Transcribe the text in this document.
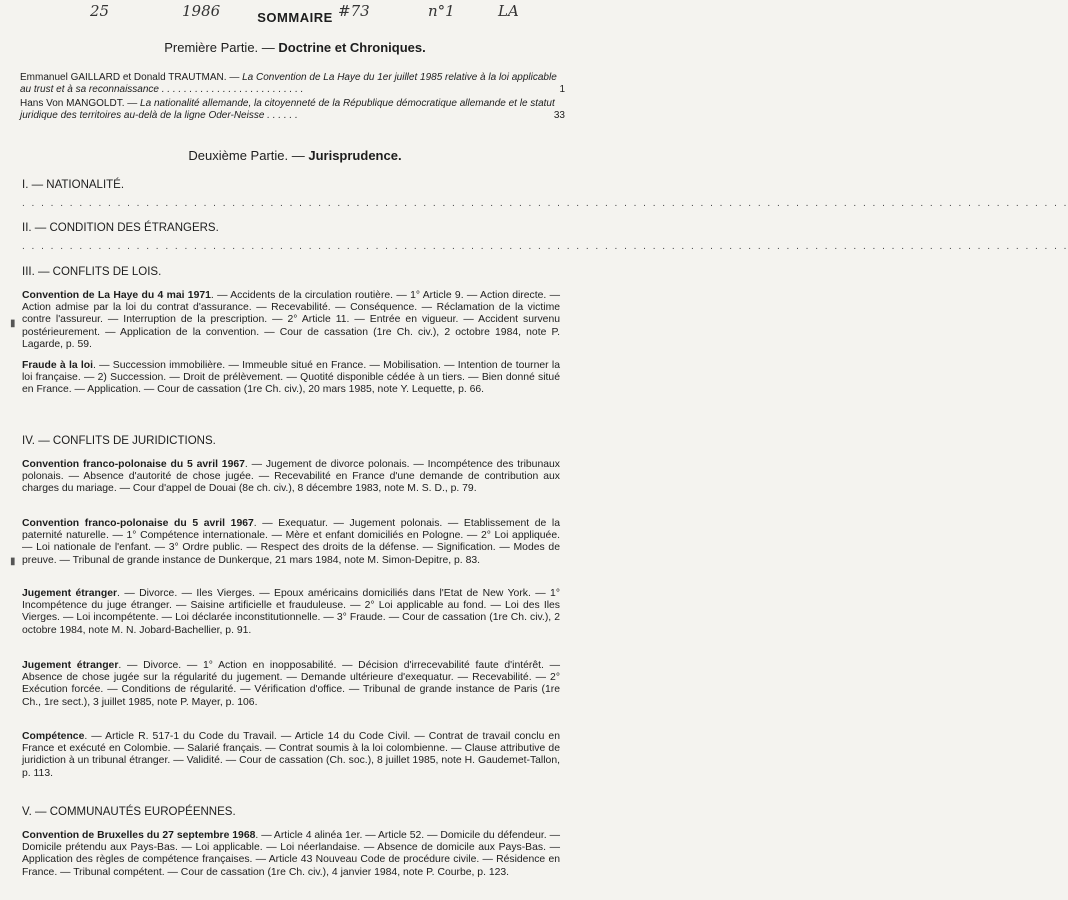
25	1986	#73	n°1	LA
SOMMAIRE
Première Partie. — Doctrine et Chroniques.
Emmanuel GAILLARD et Donald TRAUTMAN. — La Convention de La Haye du 1er juillet 1985 relative à la loi applicable au trust et à sa reconnaissance . . . . . . . . . . . . . . . . . . . . . . . . . .	1
Hans Von MANGOLDT. — La nationalité allemande, la citoyenneté de la République démocratique allemande et le statut juridique des territoires au-delà de la ligne Oder-Neisse . . . . . .	33
Deuxième Partie. — Jurisprudence.
I. — NATIONALITÉ.
. . . . . . . . . . . . . . . . . . . . . . . . . . . . . . . . . . . . . . . . . . . . . . . . . . . . . . . . . . . . . . . . . . . . . . . . . . . . . . . . . . . . . . . . . . . . . . . . . . . . . . . . . . . . . .
II. — CONDITION DES ÉTRANGERS.
. . . . . . . . . . . . . . . . . . . . . . . . . . . . . . . . . . . . . . . . . . . . . . . . . . . . . . . . . . . . . . . . . . . . . . . . . . . . . . . . . . . . . . . . . . . . . . . . . . . . . . . . . . . . . .
III. — CONFLITS DE LOIS.

Convention de La Haye du 4 mai 1971. — Accidents de la circulation routière. — 1° Article 9. — Action directe. — Action admise par la loi du contrat d'assurance. — Recevabilité. — Conséquence. — Réclamation de la victime contre l'assureur. — Interruption de la prescription. — 2° Article 11. — Entrée en vigueur. — Accident survenu postérieurement. — Application de la convention. — Cour de cassation (1re Ch. civ.), 2 octobre 1984, note P. Lagarde, p. 59.

▮

Fraude à la loi. — Succession immobilière. — Immeuble situé en France. — Mobilisation. — Intention de tourner la loi française. — 2) Succession. — Droit de prélèvement. — Quotité disponible cédée à un tiers. — Bien donné situé en France. — Application. — Cour de cassation (1re Ch. civ.), 20 mars 1985, note Y. Lequette, p. 66.

IV. — CONFLITS DE JURIDICTIONS.

Convention franco-polonaise du 5 avril 1967. — Jugement de divorce polonais. — Incompétence des tribunaux polonais. — Absence d'autorité de chose jugée. — Recevabilité en France d'une demande de contribution aux charges du mariage. — Cour d'appel de Douai (8e ch. civ.), 8 décembre 1983, note M. S. D., p. 79.

Convention franco-polonaise du 5 avril 1967. — Exequatur. — Jugement polonais. — Etablissement de la paternité naturelle. — 1° Compétence internationale. — Mère et enfant domiciliés en Pologne. — 2° Loi appliquée. — Loi nationale de l'enfant. — 3° Ordre public. — Respect des droits de la défense. — Signification. — Modes de preuve. — Tribunal de grande instance de Dunkerque, 21 mars 1984, note M. Simon-Depitre, p. 83.

▮

Jugement étranger. — Divorce. — Iles Vierges. — Epoux américains domiciliés dans l'Etat de New York. — 1° Incompétence du juge étranger. — Saisine artificielle et frauduleuse. — 2° Loi applicable au fond. — Loi des Iles Vierges. — Loi incompétente. — Loi déclarée inconstitutionnelle. — 3° Fraude. — Cour de cassation (1re Ch. civ.), 2 octobre 1984, note M. N. Jobard-Bachellier, p. 91.

Jugement étranger. — Divorce. — 1° Action en inopposabilité. — Décision d'irrecevabilité faute d'intérêt. — Absence de chose jugée sur la régularité du jugement. — Demande ultérieure d'exequatur. — Recevabilité. — 2° Exécution forcée. — Conditions de régularité. — Vérification d'office. — Tribunal de grande instance de Paris (1re Ch., 1re sect.), 3 juillet 1985, note P. Mayer, p. 106.

Compétence. — Article R. 517-1 du Code du Travail. — Article 14 du Code Civil. — Contrat de travail conclu en France et exécuté en Colombie. — Salarié français. — Contrat soumis à la loi colombienne. — Clause attributive de juridiction à un tribunal étranger. — Validité. — Cour de cassation (Ch. soc.), 8 juillet 1985, note H. Gaudemet-Tallon, p. 113.

V. — COMMUNAUTÉS EUROPÉENNES.

Convention de Bruxelles du 27 septembre 1968. — Article 4 alinéa 1er. — Article 52. — Domicile du défendeur. — Domicile prétendu aux Pays-Bas. — Loi applicable. — Loi néerlandaise. — Absence de domicile aux Pays-Bas. — Application des règles de compétence françaises. — Article 43 Nouveau Code de procédure civile. — Résidence en France. — Tribunal compétent. — Cour de cassation (1re Ch. civ.), 4 janvier 1984, note P. Courbe, p. 123.
